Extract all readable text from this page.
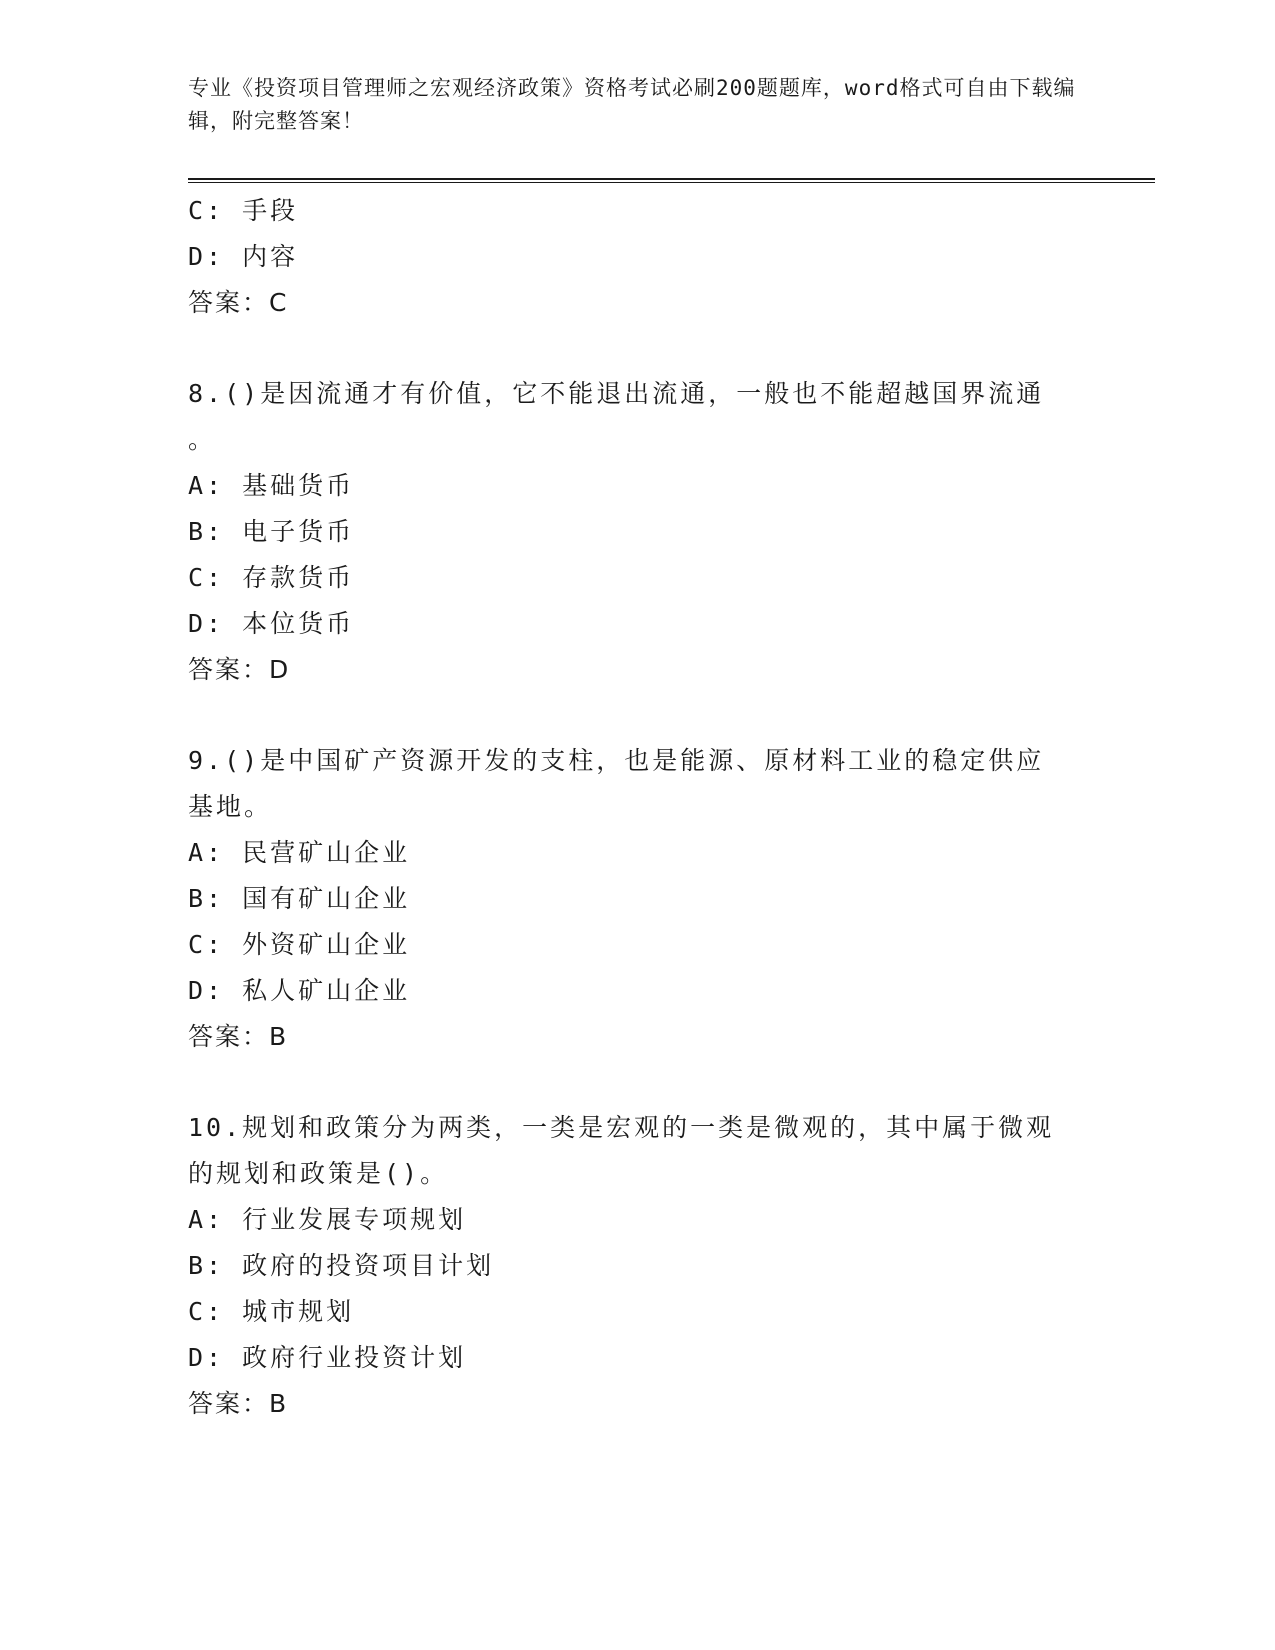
专业《投资项目管理师之宏观经济政策》资格考试必刷200题题库，word格式可自由下载编辑，附完整答案！
C: 手段
D: 内容
答案：C
8.()是因流通才有价值，它不能退出流通，一般也不能超越国界流通
。
A: 基础货币
B: 电子货币
C: 存款货币
D: 本位货币
答案：D
9.()是中国矿产资源开发的支柱，也是能源、原材料工业的稳定供应
基地。
A: 民营矿山企业
B: 国有矿山企业
C: 外资矿山企业
D: 私人矿山企业
答案：B
10.规划和政策分为两类，一类是宏观的一类是微观的，其中属于微观
的规划和政策是()。
A: 行业发展专项规划
B: 政府的投资项目计划
C: 城市规划
D: 政府行业投资计划
答案：B
